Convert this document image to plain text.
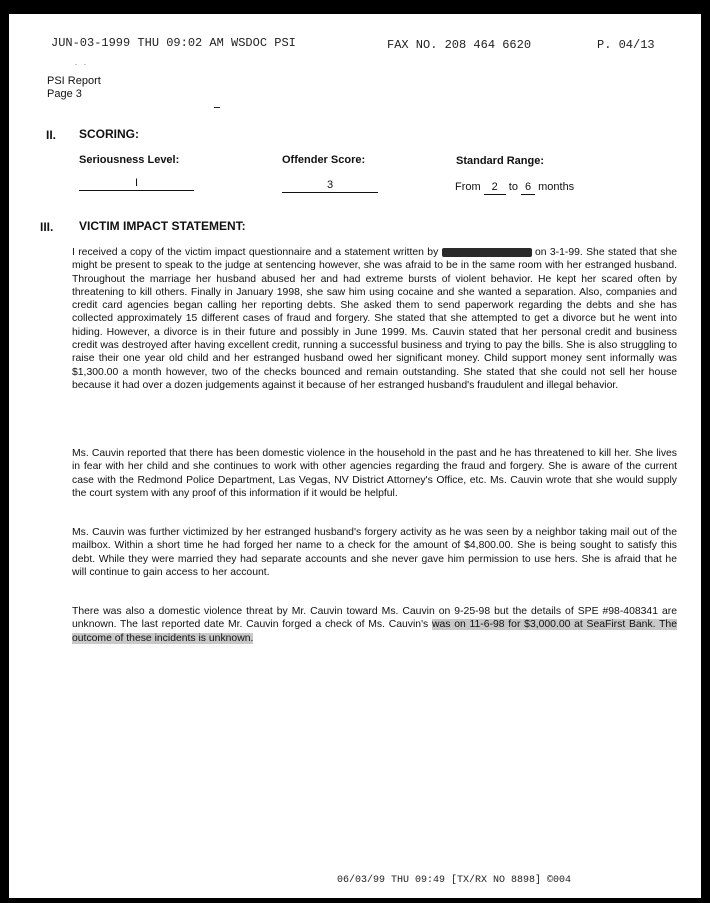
JUN-03-1999 THU 09:02 AM WSDOC PSI	FAX NO. 208 464 6620	P. 04/13
.   .
PSI Report
Page 3
II. SCORING:
Seriousness Level:	Offender Score:	Standard Range:
I	3	From 2 to 6 months
III. VICTIM IMPACT STATEMENT:

I received a copy of the victim impact questionnaire and a statement written by	on 3-1-99. She stated that she might be present to speak to the judge at sentencing however, she was afraid to be in the same room with her estranged husband. Throughout the marriage her husband abused her and had extreme bursts of violent behavior. He kept her scared often by threatening to kill others. Finally in January 1998, she saw him using cocaine and she wanted a separation. Also, companies and credit card agencies began calling her reporting debts. She asked them to send paperwork regarding the debts and she has collected approximately 15 different cases of fraud and forgery. She stated that she attempted to get a divorce but he went into hiding. However, a divorce is in their future and possibly in June 1999. Ms. Cauvin stated that her personal credit and business credit was destroyed after having excellent credit, running a successful business and trying to pay the bills. She is also struggling to raise their one year old child and her estranged husband owed her significant money. Child support money sent informally was $1,300.00 a month however, two of the checks bounced and remain outstanding. She stated that she could not sell her house because it had over a dozen judgements against it because of her estranged husband's fraudulent and illegal behavior.

Ms. Cauvin reported that there has been domestic violence in the household in the past and he has threatened to kill her. She lives in fear with her child and she continues to work with other agencies regarding the fraud and forgery. She is aware of the current case with the Redmond Police Department, Las Vegas, NV District Attorney's Office, etc. Ms. Cauvin wrote that she would supply the court system with any proof of this information if it would be helpful.

Ms. Cauvin was further victimized by her estranged husband's forgery activity as he was seen by a neighbor taking mail out of the mailbox. Within a short time he had forged her name to a check for the amount of $4,800.00. She is being sought to satisfy this debt. While they were married they had separate accounts and she never gave him permission to use hers. She is afraid that he will continue to gain access to her account.

There was also a domestic violence threat by Mr. Cauvin toward Ms. Cauvin on 9-25-98 but the details of SPE #98-408341 are unknown. The last reported date Mr. Cauvin forged a check of Ms. Cauvin's was on 11-6-98 for $3,000.00 at SeaFirst Bank. The outcome of these incidents is unknown.

06/03/99 THU 09:49 [TX/RX NO 8898] ©004
